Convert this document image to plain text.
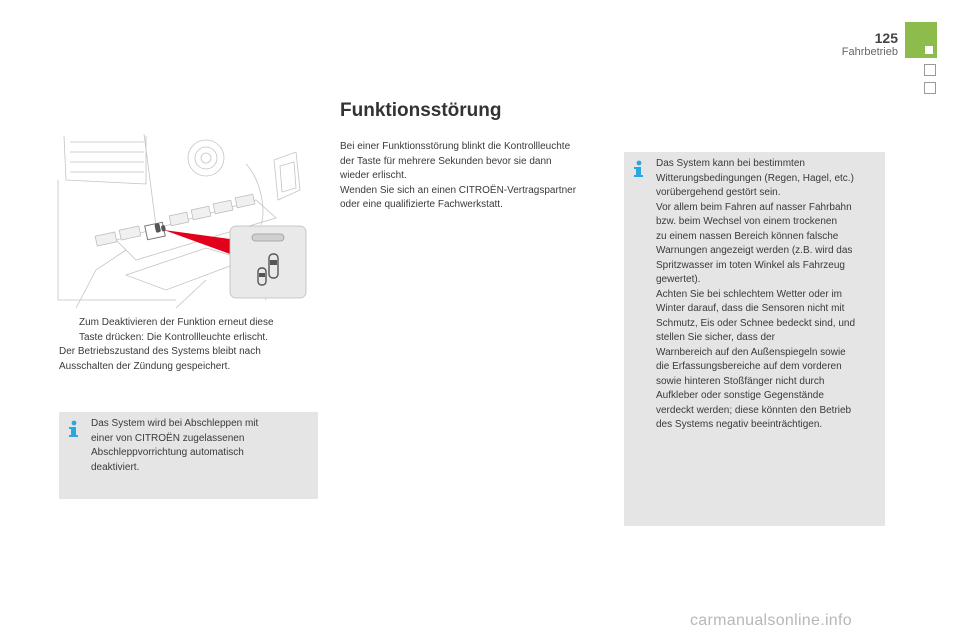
125
Fahrbetrieb
Funktionsstörung
Zum Deaktivieren der Funktion erneut diese
Taste drücken: Die Kontrollleuchte erlischt.
Der Betriebszustand des Systems bleibt nach
Ausschalten der Zündung gespeichert.
Das System wird bei Abschleppen mit
einer von CITROËN zugelassenen
Abschleppvorrichtung automatisch
deaktiviert.
Bei einer Funktionsstörung blinkt die Kontrollleuchte
der Taste für mehrere Sekunden bevor sie dann
wieder erlischt.
Wenden Sie sich an einen CITROËN-Vertragspartner
oder eine qualifizierte Fachwerkstatt.
Das System kann bei bestimmten
Witterungsbedingungen (Regen, Hagel, etc.)
vorübergehend gestört sein.
Vor allem beim Fahren auf nasser Fahrbahn
bzw. beim Wechsel von einem trockenen
zu einem nassen Bereich können falsche
Warnungen angezeigt werden (z.B. wird das
Spritzwasser im toten Winkel als Fahrzeug
gewertet).
Achten Sie bei schlechtem Wetter oder im
Winter darauf, dass die Sensoren nicht mit
Schmutz, Eis oder Schnee bedeckt sind, und
stellen Sie sicher, dass der
Warnbereich auf den Außenspiegeln sowie
die Erfassungsbereiche auf dem vorderen
sowie hinteren Stoßfänger nicht durch
Aufkleber oder sonstige Gegenstände
verdeckt werden; diese könnten den Betrieb
des Systems negativ beeinträchtigen.
carmanualsonline.info
